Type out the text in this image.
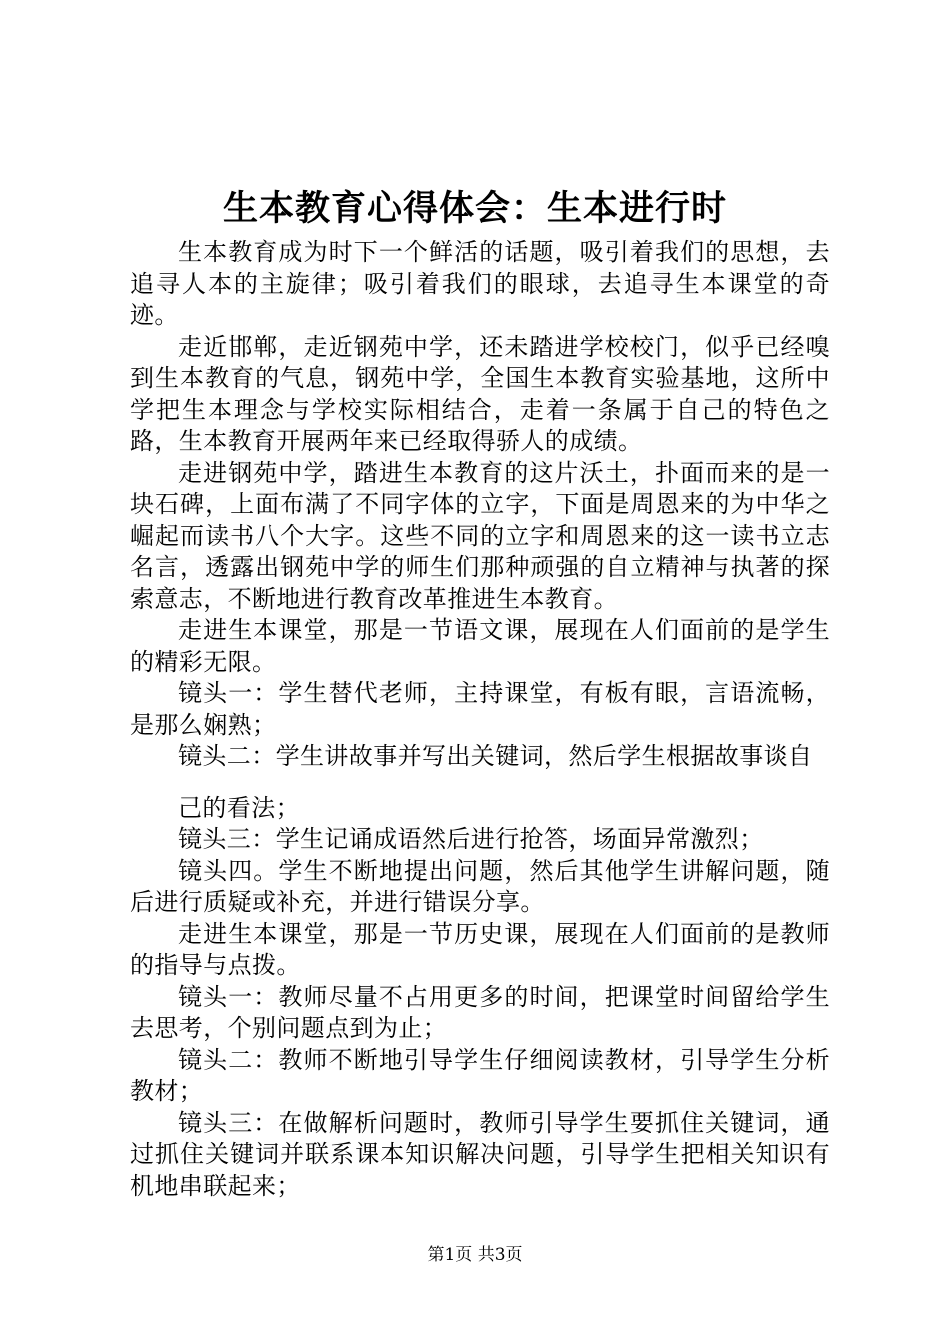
生本教育心得体会：生本进行时

生本教育成为时下一个鲜活的话题，吸引着我们的思想，去追寻人本的主旋律；吸引着我们的眼球，去追寻生本课堂的奇迹。

走近邯郸，走近钢苑中学，还未踏进学校校门，似乎已经嗅到生本教育的气息，钢苑中学，全国生本教育实验基地，这所中学把生本理念与学校实际相结合，走着一条属于自己的特色之路，生本教育开展两年来已经取得骄人的成绩。

走进钢苑中学，踏进生本教育的这片沃土，扑面而来的是一块石碑，上面布满了不同字体的立字，下面是周恩来的为中华之崛起而读书八个大字。这些不同的立字和周恩来的这一读书立志名言，透露出钢苑中学的师生们那种顽强的自立精神与执著的探索意志，不断地进行教育改革推进生本教育。

走进生本课堂，那是一节语文课，展现在人们面前的是学生的精彩无限。

镜头一：学生替代老师，主持课堂，有板有眼，言语流畅，是那么娴熟；

镜头二：学生讲故事并写出关键词，然后学生根据故事谈自

己的看法；

镜头三：学生记诵成语然后进行抢答，场面异常激烈；

镜头四。学生不断地提出问题，然后其他学生讲解问题，随后进行质疑或补充，并进行错误分享。

走进生本课堂，那是一节历史课，展现在人们面前的是教师的指导与点拨。

镜头一：教师尽量不占用更多的时间，把课堂时间留给学生去思考，个别问题点到为止；

镜头二：教师不断地引导学生仔细阅读教材，引导学生分析教材；

镜头三：在做解析问题时，教师引导学生要抓住关键词，通过抓住关键词并联系课本知识解决问题，引导学生把相关知识有机地串联起来；

第1页 共3页
